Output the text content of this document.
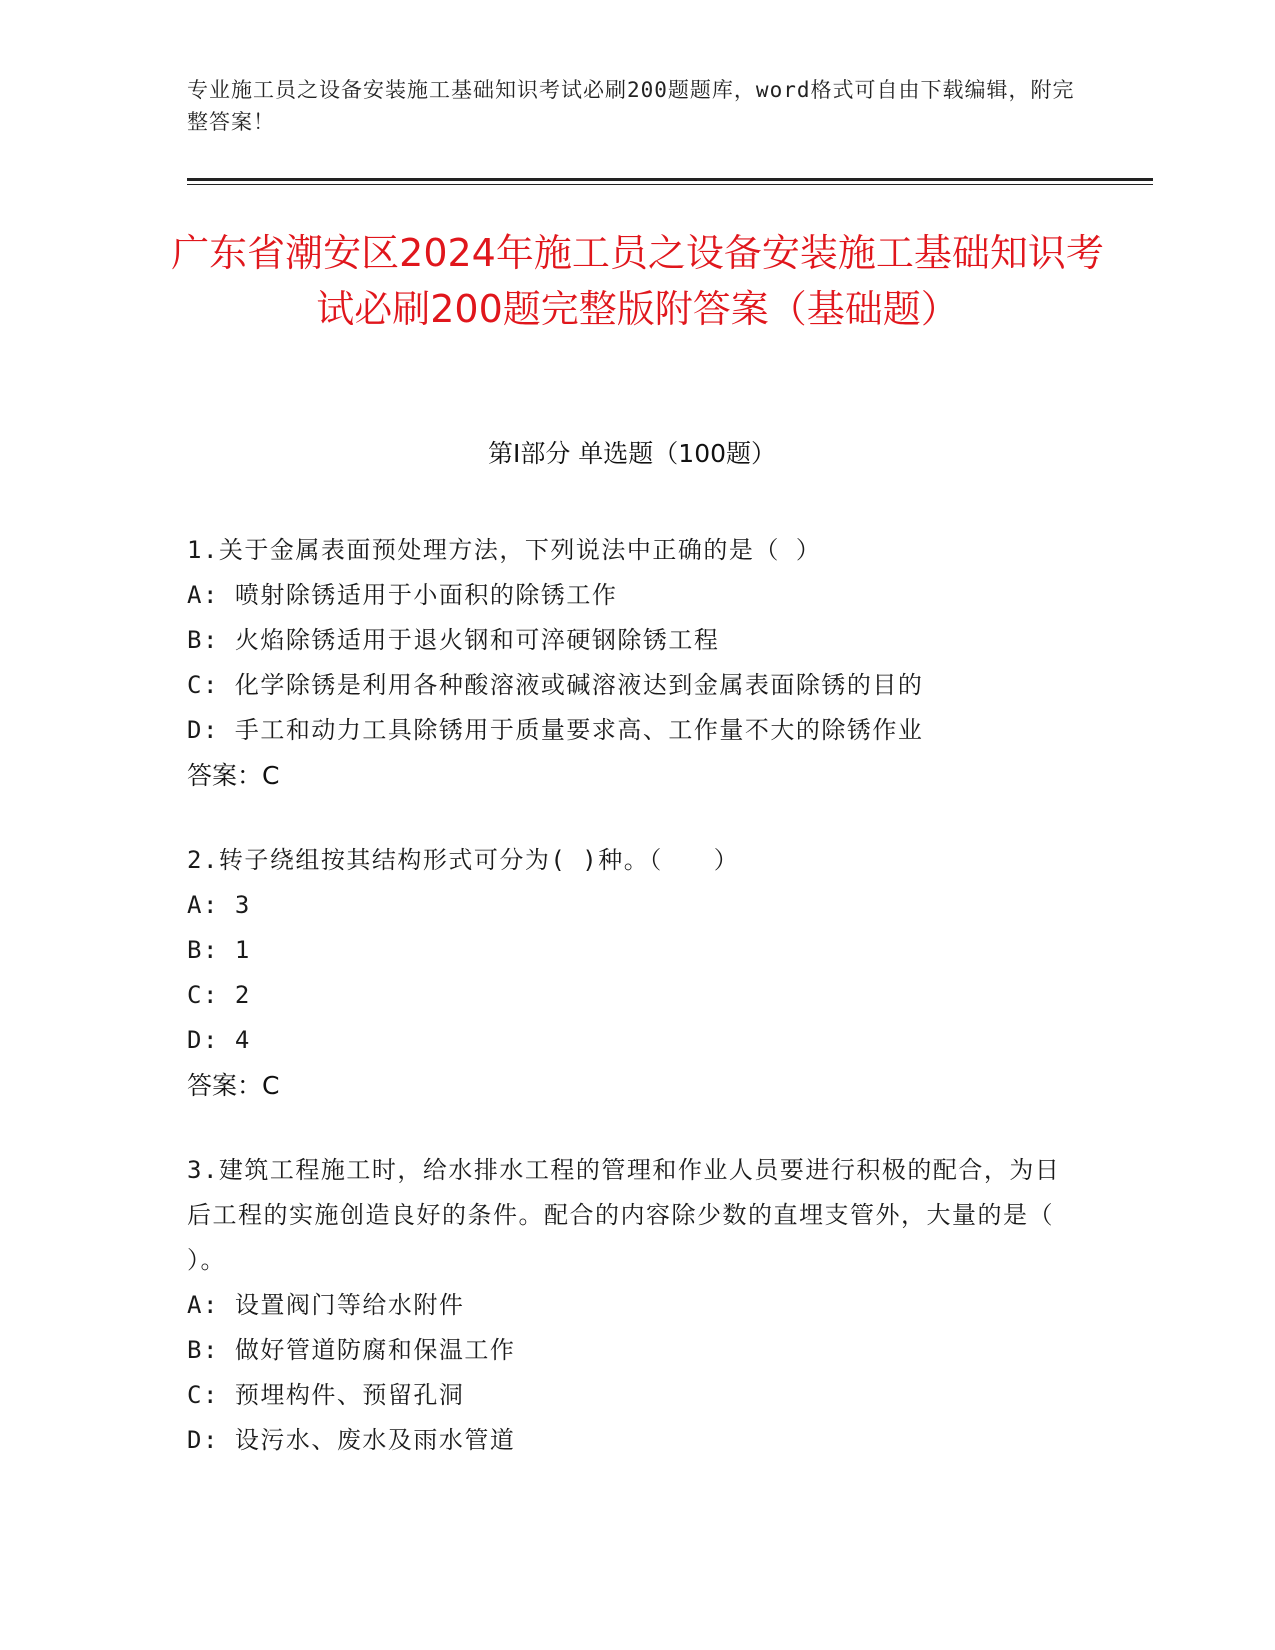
专业施工员之设备安装施工基础知识考试必刷200题题库，word格式可自由下载编辑，附完整答案！
广东省潮安区2024年施工员之设备安装施工基础知识考试必刷200题完整版附答案（基础题）
第Ⅰ部分 单选题（100题）

1.关于金属表面预处理方法，下列说法中正确的是（ ）

A: 喷射除锈适用于小面积的除锈工作

B: 火焰除锈适用于退火钢和可淬硬钢除锈工程

C: 化学除锈是利用各种酸溶液或碱溶液达到金属表面除锈的目的

D: 手工和动力工具除锈用于质量要求高、工作量不大的除锈作业

答案：C

2.转子绕组按其结构形式可分为( )种。（　　）

A: 3

B: 1

C: 2

D: 4

答案：C

3.建筑工程施工时，给水排水工程的管理和作业人员要进行积极的配合，为日后工程的实施创造良好的条件。配合的内容除少数的直埋支管外，大量的是（ ）。

A: 设置阀门等给水附件

B: 做好管道防腐和保温工作

C: 预埋构件、预留孔洞

D: 设污水、废水及雨水管道
